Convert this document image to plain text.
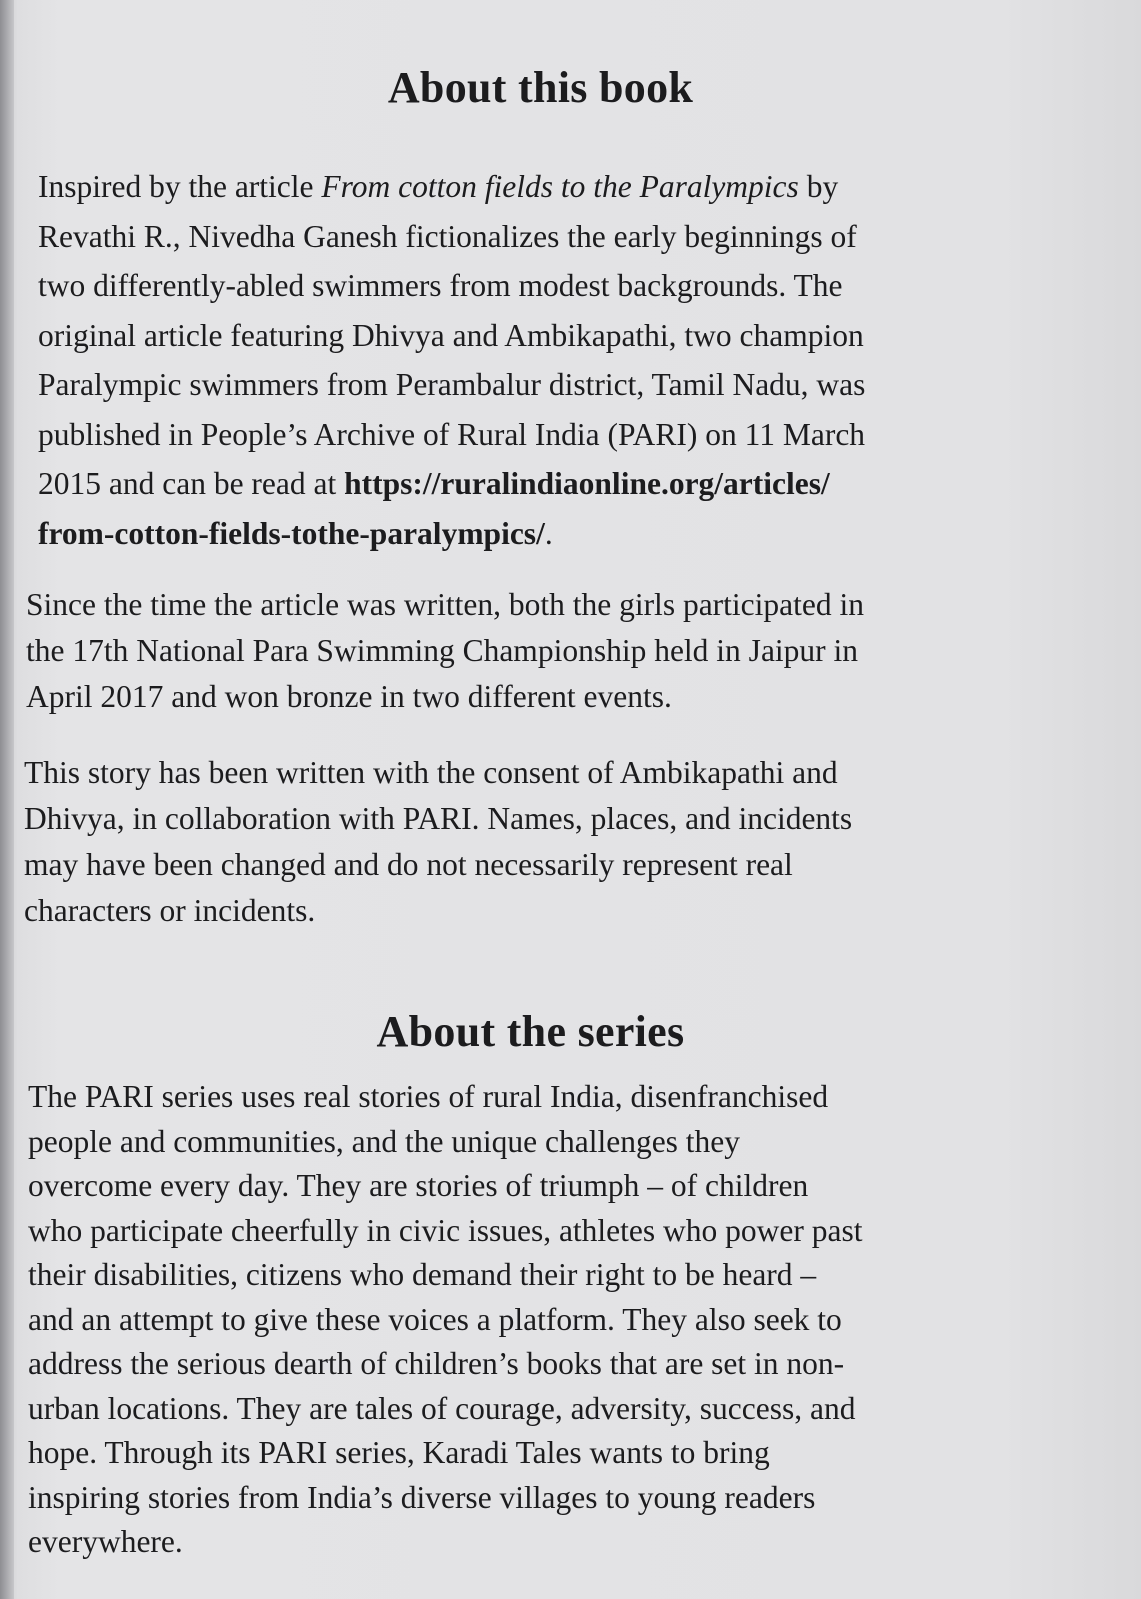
About this book

Inspired by the article From cotton fields to the Paralympics by
Revathi R., Nivedha Ganesh fictionalizes the early beginnings of
two differently-abled swimmers from modest backgrounds. The
original article featuring Dhivya and Ambikapathi, two champion
Paralympic swimmers from Perambalur district, Tamil Nadu, was
published in People’s Archive of Rural India (PARI) on 11 March
2015 and can be read at https://ruralindiaonline.org/articles/
from-cotton-fields-tothe-paralympics/.

Since the time the article was written, both the girls participated in
the 17th National Para Swimming Championship held in Jaipur in
April 2017 and won bronze in two different events.

This story has been written with the consent of Ambikapathi and
Dhivya, in collaboration with PARI. Names, places, and incidents
may have been changed and do not necessarily represent real
characters or incidents.

About the series

The PARI series uses real stories of rural India, disenfranchised
people and communities, and the unique challenges they
overcome every day. They are stories of triumph – of children
who participate cheerfully in civic issues, athletes who power past
their disabilities, citizens who demand their right to be heard –
and an attempt to give these voices a platform. They also seek to
address the serious dearth of children’s books that are set in non-
urban locations. They are tales of courage, adversity, success, and
hope. Through its PARI series, Karadi Tales wants to bring
inspiring stories from India’s diverse villages to young readers
everywhere.
